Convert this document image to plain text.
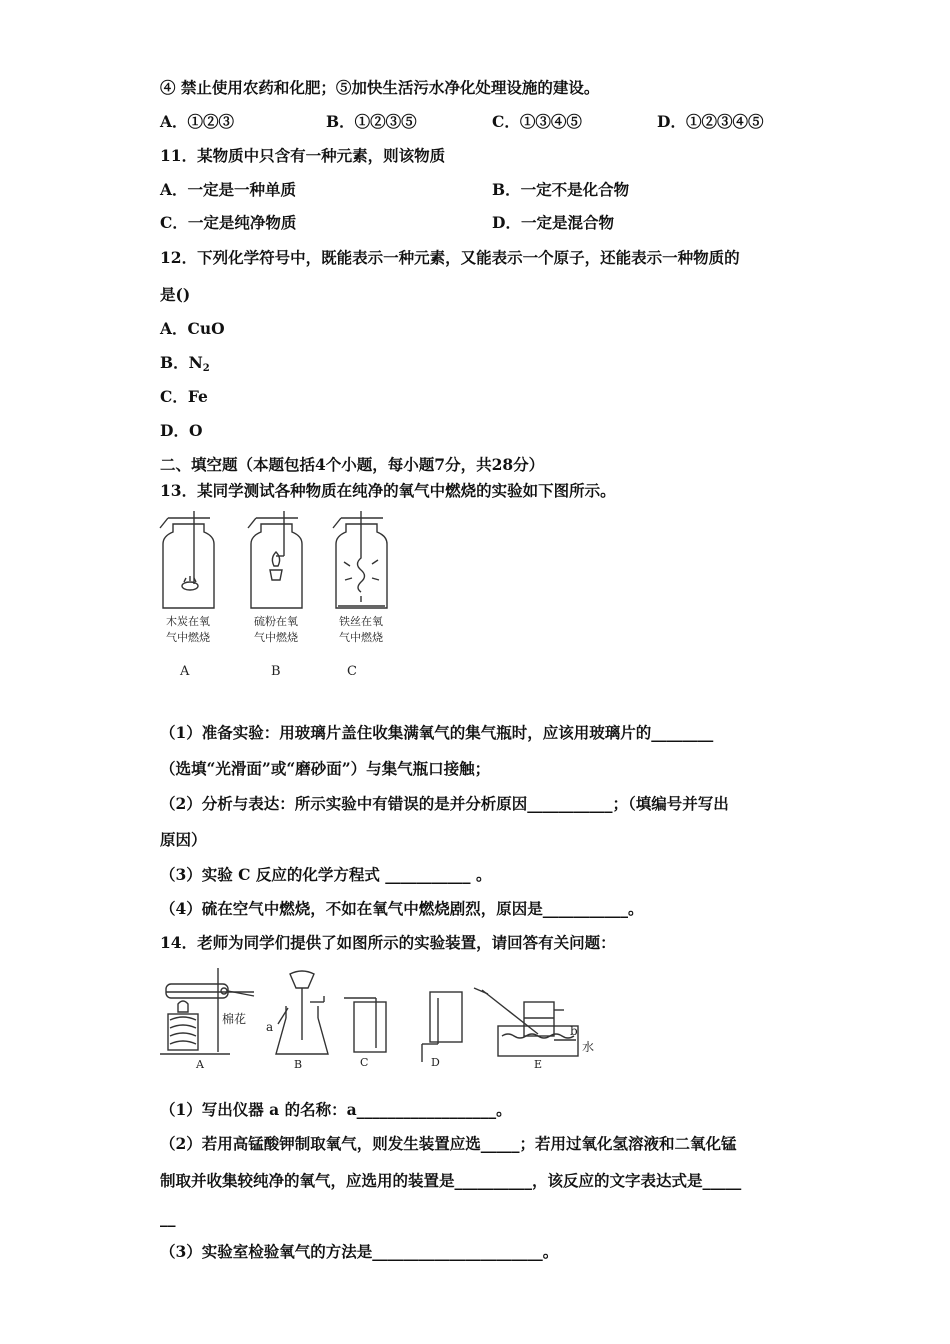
④ 禁止使用农药和化肥；⑤加快生活污水净化处理设施的建设。
A．①②③	B．①②③⑤	C．①③④⑤	D．①②③④⑤
11．某物质中只含有一种元素，则该物质
A．一定是一种单质	B．一定不是化合物
C．一定是纯净物质	D．一定是混合物
12．下列化学符号中，既能表示一种元素，又能表示一个原子，还能表示一种物质的
是()
A．CuO
B．$N_2$
C．Fe
D．O
二、填空题（本题包括4个小题，每小题7分，共28分）
13．某同学测试各种物质在纯净的氧气中燃烧的实验如下图所示。
木炭在氧
气中燃烧
硫粉在氧
气中燃烧
铁丝在氧
气中燃烧
A	B	C
（1）准备实验：用玻璃片盖住收集满氧气的集气瓶时，应该用玻璃片的________
（选填“光滑面”或“磨砂面”）与集气瓶口接触；
（2）分析与表达：所示实验中有错误的是并分析原因___________；（填编号并写出
原因）
（3）实验 C 反应的化学方程式 ___________ 。
（4）硫在空气中燃烧，不如在氧气中燃烧剧烈，原因是___________。
14．老师为同学们提供了如图所示的实验装置，请回答有关问题：
棉花
a	b
水
A	B	C	D	E
（1）写出仪器 a 的名称：a__________________。
（2）若用高锰酸钾制取氧气，则发生装置应选_____；若用过氧化氢溶液和二氧化锰
制取并收集较纯净的氧气，应选用的装置是__________，该反应的文字表达式是_____
__
（3）实验室检验氧气的方法是______________________。
